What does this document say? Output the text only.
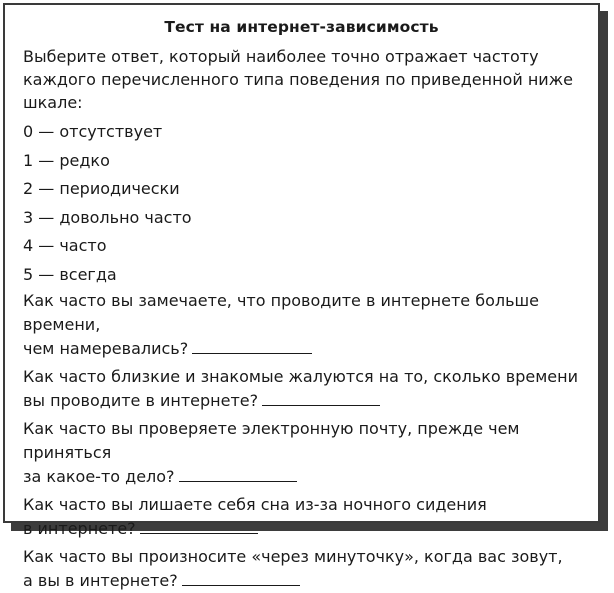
Тест на интернет-зависимость
Выберите ответ, который наиболее точно отражает частоту каждого перечисленного типа поведения по приведенной ниже шкале:
0 — отсутствует
1 — редко
2 — периодически
3 — довольно часто
4 — часто
5 — всегда
Как часто вы замечаете, что проводите в интернете больше времени,
чем намеревались?
Как часто близкие и знакомые жалуются на то, сколько времени
вы проводите в интернете?
Как часто вы проверяете электронную почту, прежде чем приняться
за какое-то дело?
Как часто вы лишаете себя сна из-за ночного сидения
в интернете?
Как часто вы произносите «через минуточку», когда вас зовут,
а вы в интернете?
